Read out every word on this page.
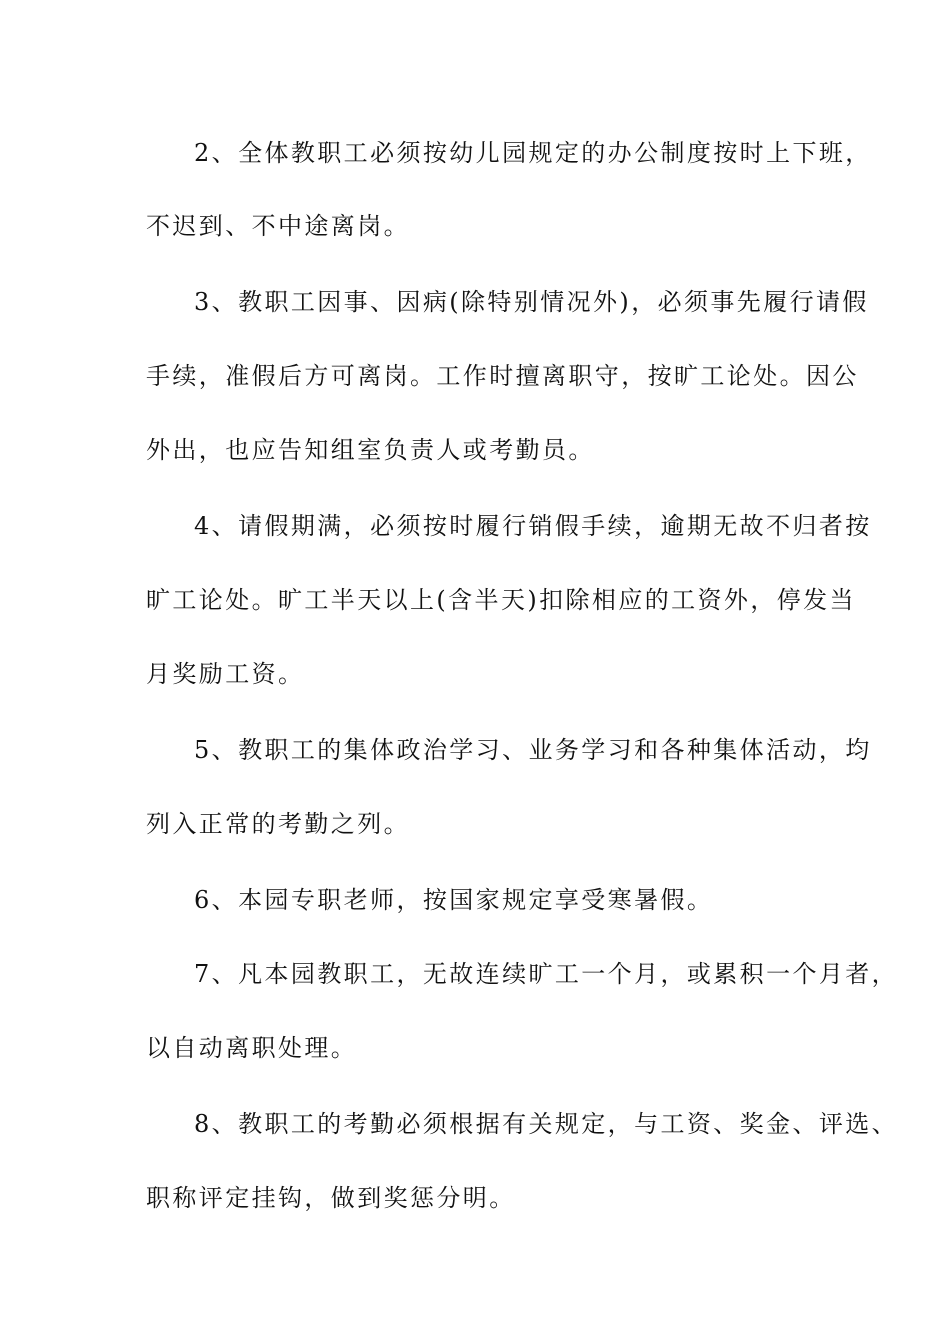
2、全体教职工必须按幼儿园规定的办公制度按时上下班，
不迟到、不中途离岗。
3、教职工因事、因病(除特别情况外)，必须事先履行请假
手续，准假后方可离岗。工作时擅离职守，按旷工论处。因公
外出，也应告知组室负责人或考勤员。
4、请假期满，必须按时履行销假手续，逾期无故不归者按
旷工论处。旷工半天以上(含半天)扣除相应的工资外，停发当
月奖励工资。
5、教职工的集体政治学习、业务学习和各种集体活动，均
列入正常的考勤之列。
6、本园专职老师，按国家规定享受寒暑假。
7、凡本园教职工，无故连续旷工一个月，或累积一个月者，
以自动离职处理。
8、教职工的考勤必须根据有关规定，与工资、奖金、评选、
职称评定挂钩，做到奖惩分明。
